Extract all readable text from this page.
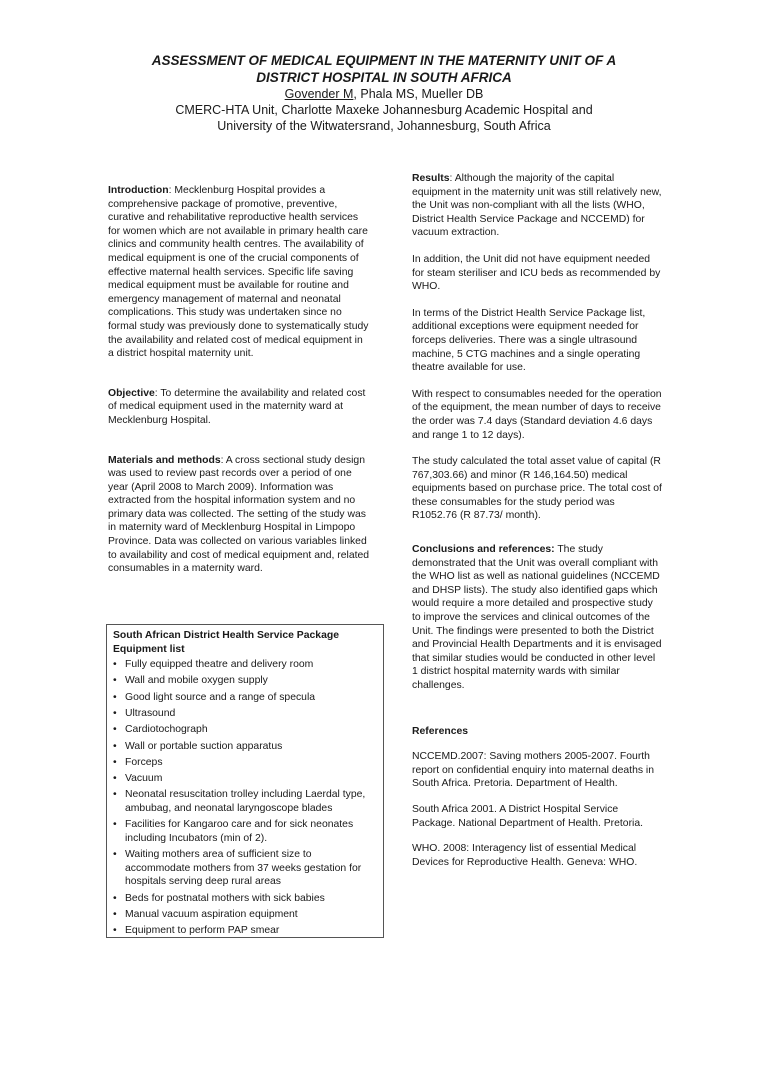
ASSESSMENT OF MEDICAL EQUIPMENT IN THE MATERNITY UNIT OF A

DISTRICT HOSPITAL IN SOUTH AFRICA

Govender M, Phala MS, Mueller DB

CMERC-HTA Unit, Charlotte Maxeke Johannesburg Academic Hospital and

University of the Witwatersrand, Johannesburg, South Africa

Introduction: Mecklenburg Hospital provides a comprehensive package of promotive, preventive, curative and rehabilitative reproductive health services for women which are not available in primary health care clinics and community health centres. The availability of medical equipment is one of the crucial components of effective maternal health services. Specific life saving medical equipment must be available for routine and emergency management of maternal and neonatal complications. This study was undertaken since no formal study was previously done to systematically study the availability and related cost of medical equipment in a district hospital maternity unit.

Objective: To determine the availability and related cost of medical equipment used in the maternity ward at Mecklenburg Hospital.

Materials and methods: A cross sectional study design was used to review past records over a period of one year (April 2008 to March 2009). Information was extracted from the hospital information system and no primary data was collected. The setting of the study was in maternity ward of Mecklenburg Hospital in Limpopo Province. Data was collected on various variables linked to availability and cost of medical equipment and, related consumables in a maternity ward.

South African District Health Service Package Equipment list

• Fully equipped theatre and delivery room
• Wall and mobile oxygen supply
• Good light source and a range of specula
• Ultrasound
• Cardiotochograph
• Wall or portable suction apparatus
• Forceps
• Vacuum
• Neonatal resuscitation trolley including Laerdal type, ambubag, and neonatal laryngoscope blades
• Facilities for Kangaroo care and for sick neonates including Incubators (min of 2).
• Waiting mothers area of sufficient size to accommodate mothers from 37 weeks gestation for hospitals serving deep rural areas
• Beds for postnatal mothers with sick babies
• Manual vacuum aspiration equipment
• Equipment to perform PAP smear

Results: Although the majority of the capital equipment in the maternity unit was still relatively new, the Unit was non-compliant with all the lists (WHO, District Health Service Package and NCCEMD) for vacuum extraction.

In addition, the Unit did not have equipment needed for steam steriliser and ICU beds as recommended by WHO.

In terms of the District Health Service Package list, additional exceptions were equipment needed for forceps deliveries. There was a single ultrasound machine, 5 CTG machines and a single operating theatre available for use.

With respect to consumables needed for the operation of the equipment, the mean number of days to receive the order was 7.4 days (Standard deviation 4.6 days and range 1 to 12 days).

The study calculated the total asset value of capital (R 767,303.66) and minor (R 146,164.50) medical equipments based on purchase price. The total cost of these consumables for the study period was R1052.76 (R 87.73/ month).

Conclusions and references: The study demonstrated that the Unit was overall compliant with the WHO list as well as national guidelines (NCCEMD and DHSP lists). The study also identified gaps which would require a more detailed and prospective study to improve the services and clinical outcomes of the Unit. The findings were presented to both the District and Provincial Health Departments and it is envisaged that similar studies would be conducted in other level 1 district hospital maternity wards with similar challenges.

References

NCCEMD.2007: Saving mothers 2005-2007. Fourth report on confidential enquiry into maternal deaths in South Africa. Pretoria. Department of Health.

South Africa 2001. A District Hospital Service Package. National Department of Health. Pretoria.

WHO. 2008: Interagency list of essential Medical Devices for Reproductive Health. Geneva: WHO.
